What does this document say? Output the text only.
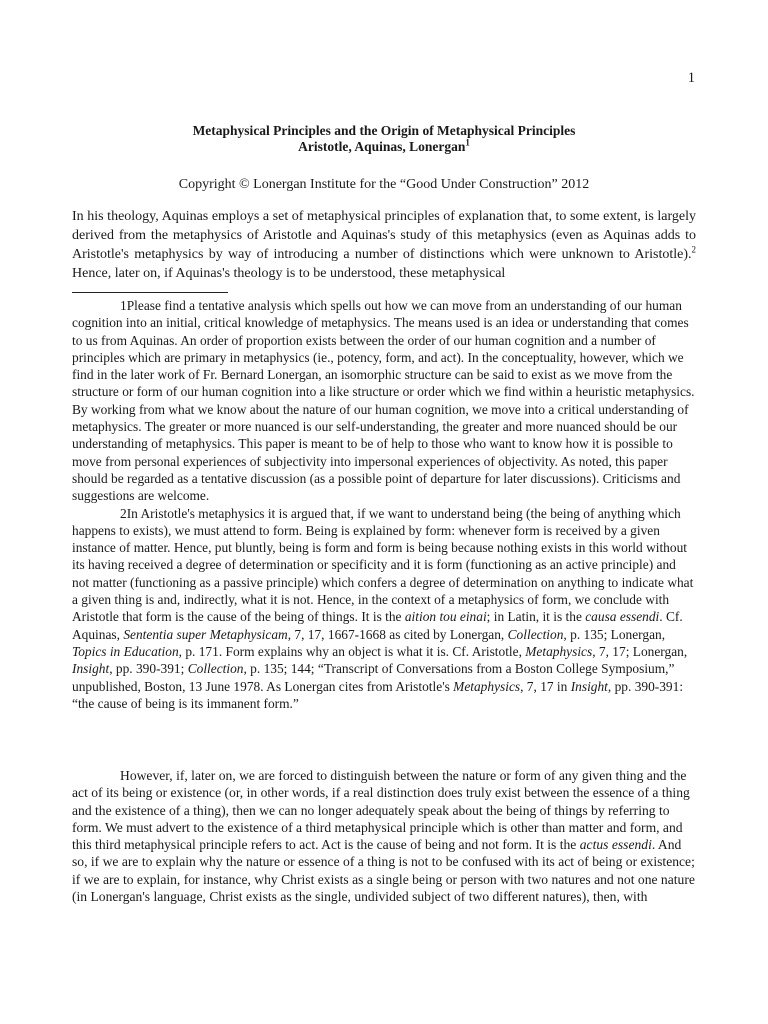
1
Metaphysical Principles and the Origin of Metaphysical Principles
Aristotle, Aquinas, Lonergan$^1$
Copyright © Lonergan Institute for the “Good Under Construction” 2012

In his theology, Aquinas employs a set of metaphysical principles of explanation that, to some extent, is largely derived from the metaphysics of Aristotle and Aquinas's study of this metaphysics (even as Aquinas adds to Aristotle's metaphysics by way of introducing a number of distinctions which were unknown to Aristotle).$^2$ Hence, later on, if Aquinas's theology is to be understood, these metaphysical

1Please find a tentative analysis which spells out how we can move from an understanding of our human cognition into an initial, critical knowledge of metaphysics. The means used is an idea or understanding that comes to us from Aquinas. An order of proportion exists between the order of our human cognition and a number of principles which are primary in metaphysics (ie., potency, form, and act). In the conceptuality, however, which we find in the later work of Fr. Bernard Lonergan, an isomorphic structure can be said to exist as we move from the structure or form of our human cognition into a like structure or order which we find within a heuristic metaphysics. By working from what we know about the nature of our human cognition, we move into a critical understanding of metaphysics. The greater or more nuanced is our self-understanding, the greater and more nuanced should be our understanding of metaphysics. This paper is meant to be of help to those who want to know how it is possible to move from personal experiences of subjectivity into impersonal experiences of objectivity. As noted, this paper should be regarded as a tentative discussion (as a possible point of departure for later discussions). Criticisms and suggestions are welcome.

2In Aristotle's metaphysics it is argued that, if we want to understand being (the being of anything which happens to exists), we must attend to form. Being is explained by form: whenever form is received by a given instance of matter. Hence, put bluntly, being is form and form is being because nothing exists in this world without its having received a degree of determination or specificity and it is form (functioning as an active principle) and not matter (functioning as a passive principle) which confers a degree of determination on anything to indicate what a given thing is and, indirectly, what it is not. Hence, in the context of a metaphysics of form, we conclude with Aristotle that form is the cause of the being of things. It is the aition tou einai; in Latin, it is the causa essendi. Cf. Aquinas, Sententia super Metaphysicam, 7, 17, 1667-1668 as cited by Lonergan, Collection, p. 135; Lonergan, Topics in Education, p. 171. Form explains why an object is what it is. Cf. Aristotle, Metaphysics, 7, 17; Lonergan, Insight, pp. 390-391; Collection, p. 135; 144; “Transcript of Conversations from a Boston College Symposium,” unpublished, Boston, 13 June 1978. As Lonergan cites from Aristotle's Metaphysics, 7, 17 in Insight, pp. 390-391: “the cause of being is its immanent form.”

However, if, later on, we are forced to distinguish between the nature or form of any given thing and the act of its being or existence (or, in other words, if a real distinction does truly exist between the essence of a thing and the existence of a thing), then we can no longer adequately speak about the being of things by referring to form. We must advert to the existence of a third metaphysical principle which is other than matter and form, and this third metaphysical principle refers to act. Act is the cause of being and not form. It is the actus essendi. And so, if we are to explain why the nature or essence of a thing is not to be confused with its act of being or existence; if we are to explain, for instance, why Christ exists as a single being or person with two natures and not one nature (in Lonergan's language, Christ exists as the single, undivided subject of two different natures), then, with
